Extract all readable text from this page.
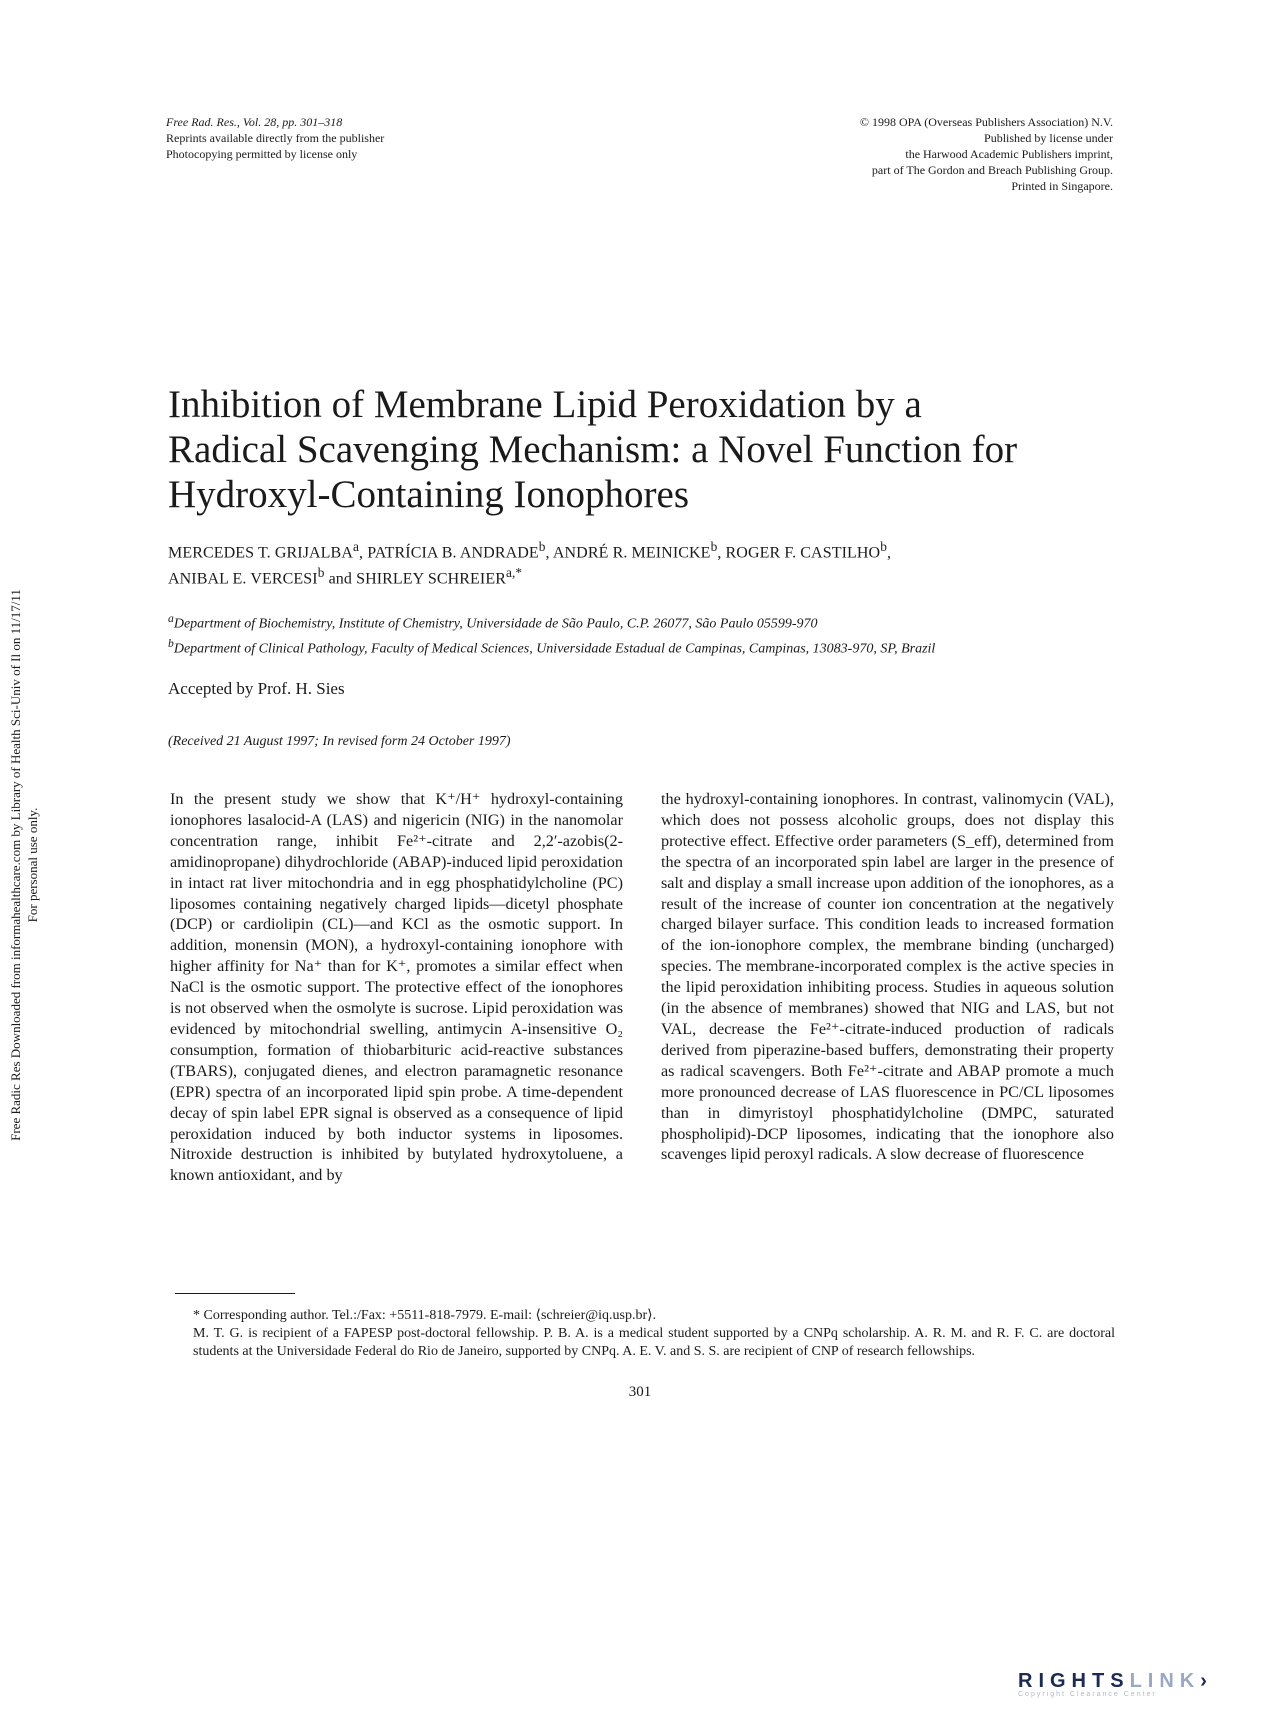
Free Rad. Res., Vol. 28, pp. 301–318
Reprints available directly from the publisher
Photocopying permitted by license only
© 1998 OPA (Overseas Publishers Association) N.V.
Published by license under
the Harwood Academic Publishers imprint,
part of The Gordon and Breach Publishing Group.
Printed in Singapore.
Inhibition of Membrane Lipid Peroxidation by a
Radical Scavenging Mechanism: a Novel Function for
Hydroxyl-Containing Ionophores
MERCEDES T. GRIJALBA$^a$, PATRÍCIA B. ANDRADE$^b$, ANDRÉ R. MEINICKE$^b$, ROGER F. CASTILHO$^b$,
ANIBAL E. VERCESI$^b$ and SHIRLEY $SCHREIER^{a,*}$
$^a$Department of Biochemistry, Institute of Chemistry, Universidade de São Paulo, C.P. 26077, São Paulo 05599-970
$^b$Department of Clinical Pathology, Faculty of Medical Sciences, Universidade Estadual de Campinas, Campinas, 13083-970, SP, Brazil
Accepted by Prof. H. Sies
(Received 21 August 1997; In revised form 24 October 1997)

In the present study we show that K⁺/H⁺ hydroxyl-containing ionophores lasalocid-A (LAS) and nigericin (NIG) in the nanomolar concentration range, inhibit Fe²⁺-citrate and 2,2′-azobis(2-amidinopropane) dihydrochloride (ABAP)-induced lipid peroxidation in intact rat liver mitochondria and in egg phosphatidylcholine (PC) liposomes containing negatively charged lipids—dicetyl phosphate (DCP) or cardiolipin (CL)—and KCl as the osmotic support. In addition, monensin (MON), a hydroxyl-containing ionophore with higher affinity for Na⁺ than for K⁺, promotes a similar effect when NaCl is the osmotic support. The protective effect of the ionophores is not observed when the osmolyte is sucrose. Lipid peroxidation was evidenced by mitochondrial swelling, antimycin A-insensitive O₂ consumption, formation of thiobarbituric acid-reactive substances (TBARS), conjugated dienes, and electron paramagnetic resonance (EPR) spectra of an incorporated lipid spin probe. A time-dependent decay of spin label EPR signal is observed as a consequence of lipid peroxidation induced by both inductor systems in liposomes. Nitroxide destruction is inhibited by butylated hydroxytoluene, a known antioxidant, and by

the hydroxyl-containing ionophores. In contrast, valinomycin (VAL), which does not possess alcoholic groups, does not display this protective effect. Effective order parameters (S_eff), determined from the spectra of an incorporated spin label are larger in the presence of salt and display a small increase upon addition of the ionophores, as a result of the increase of counter ion concentration at the negatively charged bilayer surface. This condition leads to increased formation of the ion-ionophore complex, the membrane binding (uncharged) species. The membrane-incorporated complex is the active species in the lipid peroxidation inhibiting process. Studies in aqueous solution (in the absence of membranes) showed that NIG and LAS, but not VAL, decrease the Fe²⁺-citrate-induced production of radicals derived from piperazine-based buffers, demonstrating their property as radical scavengers. Both Fe²⁺-citrate and ABAP promote a much more pronounced decrease of LAS fluorescence in PC/CL liposomes than in dimyristoyl phosphatidylcholine (DMPC, saturated phospholipid)-DCP liposomes, indicating that the ionophore also scavenges lipid peroxyl radicals. A slow decrease of fluorescence

* Corresponding author. Tel.:/Fax: +5511-818-7979. E-mail: ⟨schreier@iq.usp.br⟩.
M. T. G. is recipient of a FAPESP post-doctoral fellowship. P. B. A. is a medical student supported by a CNPq scholarship. A. R. M. and R. F. C. are doctoral students at the Universidade Federal do Rio de Janeiro, supported by CNPq. A. E. V. and S. S. are recipient of CNP of research fellowships.
301
Free Radic Res Downloaded from informahealthcare.com by Library of Health Sci-Univ of Il on 11/17/11 For personal use only.
RIGHTSLINK›
Copyright Clearance Center
